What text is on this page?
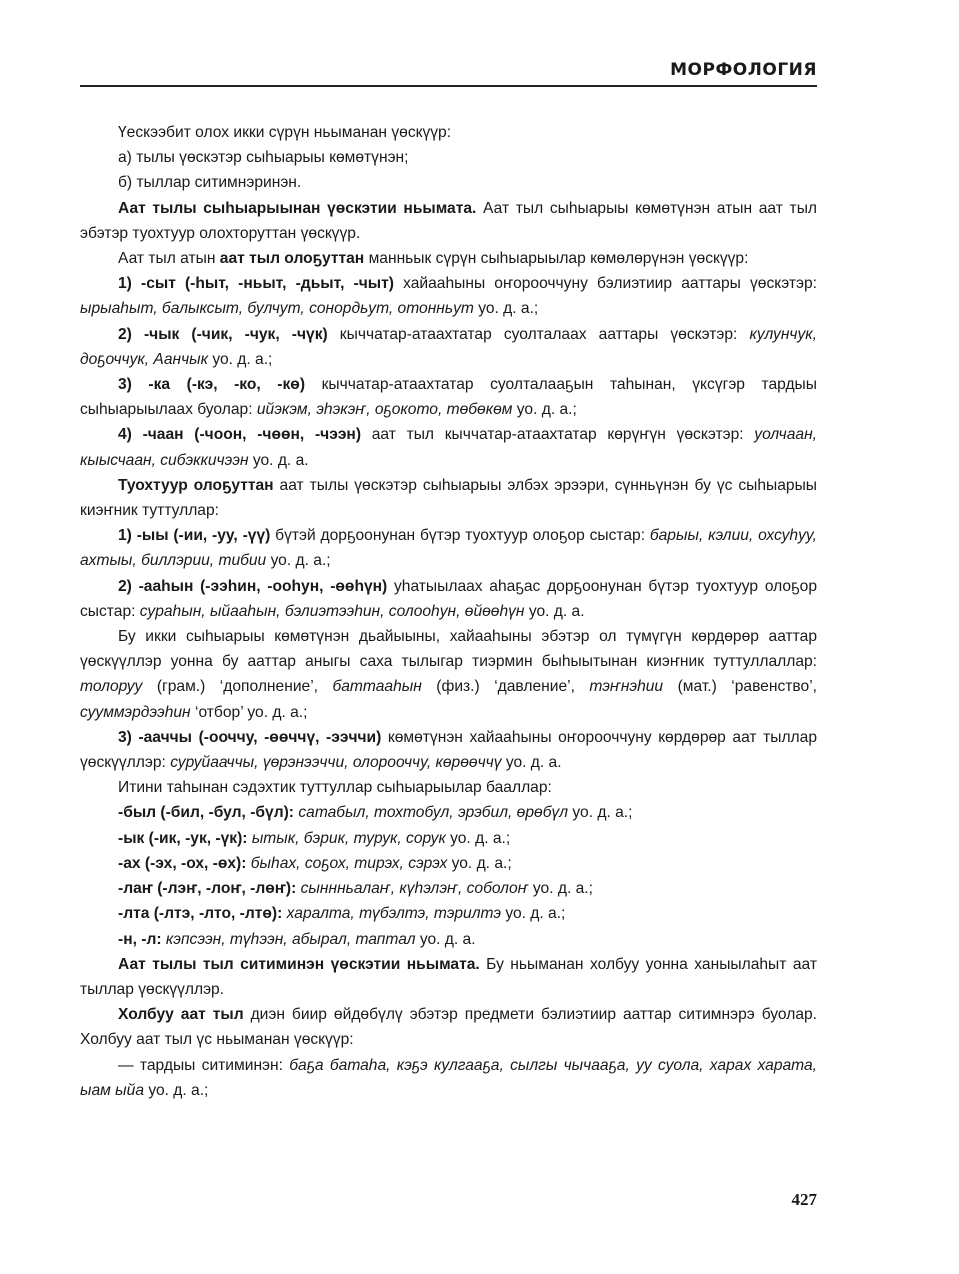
МОРФОЛОГИЯ

Үескээбит олох икки сүрүн ньыманан үөскүүр:

а) тылы үөскэтэр сыһыарыы көмөтүнэн;

б) тыллар ситимнэринэн.

Аат тылы сыһыарыынан үөскэтии ньымата. Аат тыл сыһыарыы көмөтүнэн атын аат тыл эбэтэр туохтуур олохторуттан үөскүүр.

Аат тыл атын аат тыл олоҕуттан манньык сүрүн сыһыарыылар көмөлөрүнэн үөскүүр:

1) -сыт (-һыт, -ньыт, -дьыт, -чыт) хайааһыны оҥорооччуну бэлиэтиир ааттары үөскэтэр: ырыаһыт, балыксыт, булчут, сонордьут, отонньут уо. д. а.;

2) -чык (-чик, -чук, -чүк) кыччатар-атаахтатар суолталаах ааттары үөскэтэр: кулунчук, доҕоччук, Аанчык уо. д. а.;

3) -ка (-кэ, -ко, -кө) кыччатар-атаахтатар суолталааҕын таһынан, үксүгэр тардыы сыһыарыылаах буолар: ийэкэм, эһэкэҥ, оҕокото, төбөкөм уо. д. а.;

4) -чаан (-чоон, -чөөн, -чээн) аат тыл кыччатар-атаахтатар көрүҥүн үөскэтэр: уолчаан, кыысчаан, сибэккичээн уо. д. а.

Туохтуур олоҕуттан аат тылы үөскэтэр сыһыарыы элбэх эрээри, сүнньүнэн бу үс сыһыарыы киэҥник туттуллар:

1) -ыы (-ии, -уу, -үү) бүтэй дорҕоонунан бүтэр туохтуур олоҕор сыстар: барыы, кэлии, охсуһуу, ахтыы, биллэрии, тибии уо. д. а.;

2) -ааһын (-ээһин, -ооһун, -өөһүн) уһатыылаах аһаҕас дорҕоонунан бүтэр туохтуур олоҕор сыстар: сураһын, ыйааһын, бэлиэтээһин, солооһун, өйөөһүн уо. д. а.

Бу икки сыһыарыы көмөтүнэн дьайыыны, хайааһыны эбэтэр ол түмүгүн көрдөрөр ааттар үөскүүллэр уонна бу ааттар аныгы саха тылыгар тиэрмин быһыытынан киэҥник туттуллаллар: толоруу (грам.) ‘дополнение’, баттааһын (физ.) ‘давление’, тэҥнэһии (мат.) ‘равенство’, сууммэрдээһин ‘отбор’ уо. д. а.;

3) -ааччы (-ооччу, -өөччү, -ээччи) көмөтүнэн хайааһыны оҥорооччуну көрдөрөр аат тыллар үөскүүллэр: суруйааччы, үөрэнээччи, олорооччу, көрөөччү уо. д. а.

Итини таһынан сэдэхтик туттуллар сыһыарыылар бааллар:

-был (-бил, -бул, -бүл): сатабыл, тохтобул, эрэбил, өрөбүл уо. д. а.;

-ык (-ик, -ук, -үк): ытык, бэрик, турук, сорук уо. д. а.;

-ах (-эх, -ох, -өх): быһах, соҕох, тирэх, сэрэх уо. д. а.;

-лаҥ (-лэҥ, -лоҥ, -лөҥ): сыннньалаҥ, күһэлэҥ, соболоҥ уо. д. а.;

-лта (-лтэ, -лто, -лтө): харалта, түбэлтэ, тэрилтэ уо. д. а.;

-н, -л: кэпсээн, түһээн, абырал, таптал уо. д. а.

Аат тылы тыл ситиминэн үөскэтии ньымата. Бу ньыманан холбуу уонна ханыылаһыт аат тыллар үөскүүллэр.

Холбуу аат тыл диэн биир өйдөбүлү эбэтэр предмети бэлиэтиир ааттар ситимнэрэ буолар. Холбуу аат тыл үс ньыманан үөскүүр:

— тардыы ситиминэн: баҕа батаһа, кэҕэ кулгааҕа, сылгы чычааҕа, уу суола, харах харата, ыам ыйа уо. д. а.;

427
